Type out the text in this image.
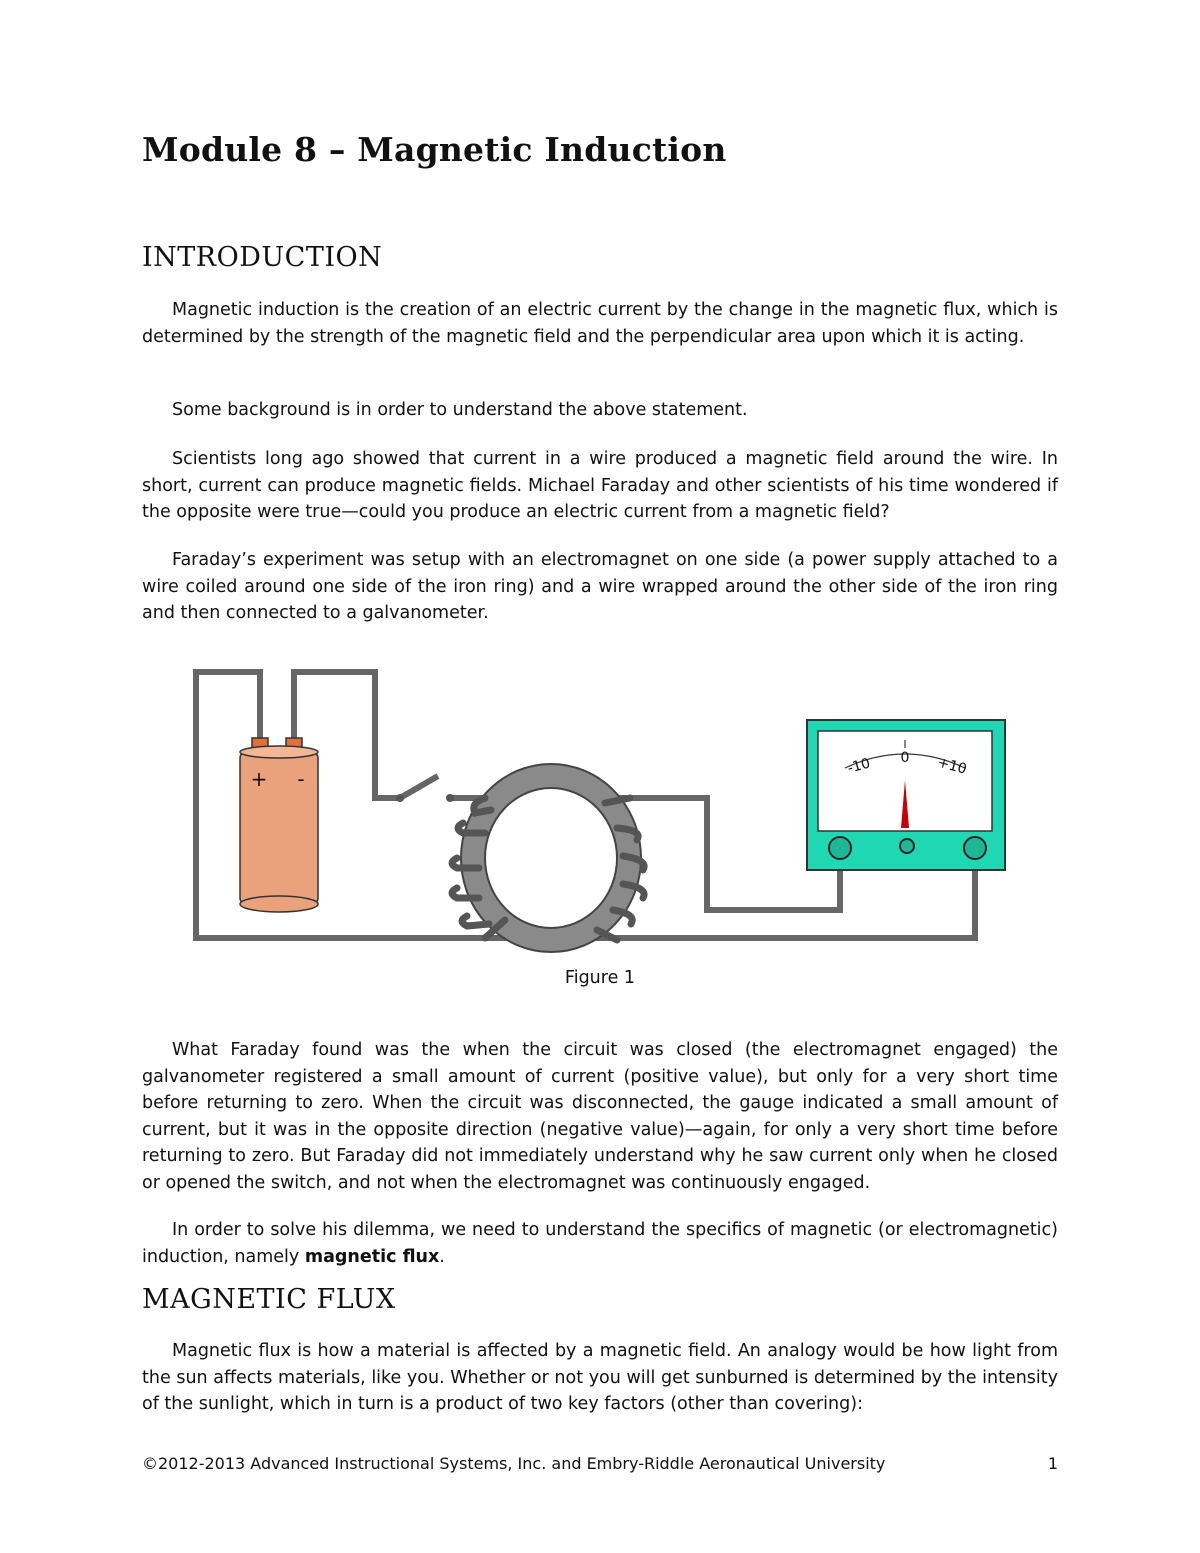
Module 8 – Magnetic Induction
INTRODUCTION

Magnetic induction is the creation of an electric current by the change in the magnetic flux, which is determined by the strength of the magnetic field and the perpendicular area upon which it is acting.

Some background is in order to understand the above statement.

Scientists long ago showed that current in a wire produced a magnetic field around the wire. In short, current can produce magnetic fields. Michael Faraday and other scientists of his time wondered if the opposite were true—could you produce an electric current from a magnetic field?

Faraday’s experiment was setup with an electromagnet on one side (a power supply attached to a wire coiled around one side of the iron ring) and a wire wrapped around the other side of the iron ring and then connected to a galvanometer.

+ -
-10 0 +10
Figure 1

What Faraday found was the when the circuit was closed (the electromagnet engaged) the galvanometer registered a small amount of current (positive value), but only for a very short time before returning to zero. When the circuit was disconnected, the gauge indicated a small amount of current, but it was in the opposite direction (negative value)—again, for only a very short time before returning to zero. But Faraday did not immediately understand why he saw current only when he closed or opened the switch, and not when the electromagnet was continuously engaged.

In order to solve his dilemma, we need to understand the specifics of magnetic (or electromagnetic) induction, namely magnetic flux.

MAGNETIC FLUX

Magnetic flux is how a material is affected by a magnetic field. An analogy would be how light from the sun affects materials, like you. Whether or not you will get sunburned is determined by the intensity of the sunlight, which in turn is a product of two key factors (other than covering):

©2012-2013 Advanced Instructional Systems, Inc. and Embry-Riddle Aeronautical University	1
